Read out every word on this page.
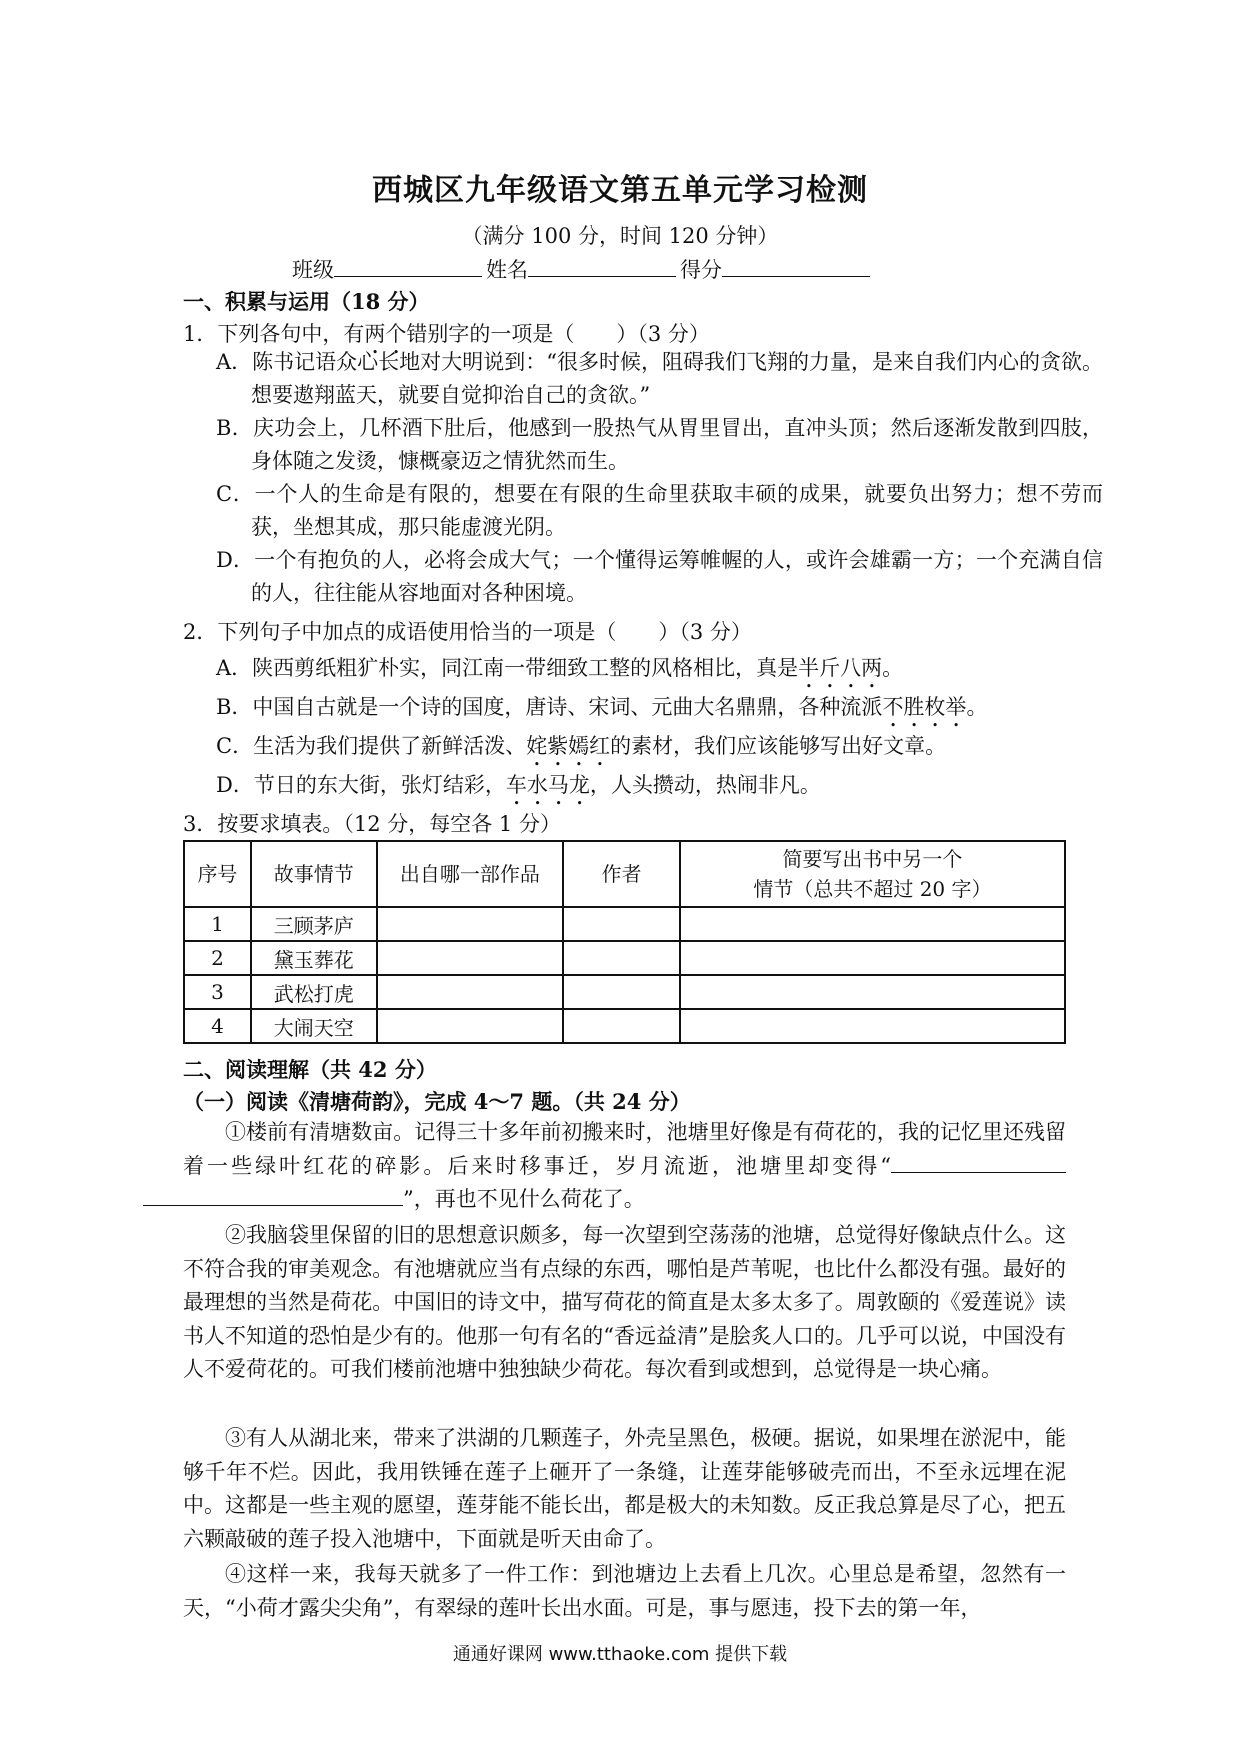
西城区九年级语文第五单元学习检测
（满分 100 分，时间 120 分钟）
班级	姓名	得分
一、积累与运用（18 分）
1．下列各句中，有两个错别字的一项是（　　）（3 分）
A．陈书记语众心长地对大明说到：“很多时候，阻碍我们飞翔的力量，是来自我们内心的贪欲。想要遨翔蓝天，就要自觉抑治自己的贪欲。”
B．庆功会上，几杯酒下肚后，他感到一股热气从胃里冒出，直冲头顶；然后逐渐发散到四肢，身体随之发烫，慷概豪迈之情犹然而生。
C．一个人的生命是有限的，想要在有限的生命里获取丰硕的成果，就要负出努力；想不劳而获，坐想其成，那只能虚渡光阴。
D．一个有抱负的人，必将会成大气；一个懂得运筹帷幄的人，或许会雄霸一方；一个充满自信的人，往往能从容地面对各种困境。
2．下列句子中加点的成语使用恰当的一项是（　　）（3 分）
A．陕西剪纸粗犷朴实，同江南一带细致工整的风格相比，真是半斤八两。
B．中国自古就是一个诗的国度，唐诗、宋词、元曲大名鼎鼎，各种流派不胜枚举。
C．生活为我们提供了新鲜活泼、姹紫嫣红的素材，我们应该能够写出好文章。
D．节日的东大街，张灯结彩，车水马龙，人头攒动，热闹非凡。
3．按要求填表。（12 分，每空各 1 分）
序号	故事情节	出自哪一部作品	作者	简要写出书中另一个
情节（总共不超过 20 字）

1	三顾茅庐			
2	黛玉葬花			
3	武松打虎			
4	大闹天空			
二、阅读理解（共 42 分）
（一）阅读《清塘荷韵》，完成 4～7 题。（共 24 分）
①楼前有清塘数亩。记得三十多年前初搬来时，池塘里好像是有荷花的，我的记忆里还残留着一些绿叶红花的碎影。后来时移事迁，岁月流逝，池塘里却变得“”，再也不见什么荷花了。
②我脑袋里保留的旧的思想意识颇多，每一次望到空荡荡的池塘，总觉得好像缺点什么。这不符合我的审美观念。有池塘就应当有点绿的东西，哪怕是芦苇呢，也比什么都没有强。最好的最理想的当然是荷花。中国旧的诗文中，描写荷花的简直是太多太多了。周敦颐的《爱莲说》读书人不知道的恐怕是少有的。他那一句有名的“香远益清”是脍炙人口的。几乎可以说，中国没有人不爱荷花的。可我们楼前池塘中独独缺少荷花。每次看到或想到，总觉得是一块心痛。
③有人从湖北来，带来了洪湖的几颗莲子，外壳呈黑色，极硬。据说，如果埋在淤泥中，能够千年不烂。因此，我用铁锤在莲子上砸开了一条缝，让莲芽能够破壳而出，不至永远埋在泥中。这都是一些主观的愿望，莲芽能不能长出，都是极大的未知数。反正我总算是尽了心，把五六颗敲破的莲子投入池塘中，下面就是听天由命了。
④这样一来，我每天就多了一件工作：到池塘边上去看上几次。心里总是希望，忽然有一天，“小荷才露尖尖角”，有翠绿的莲叶长出水面。可是，事与愿违，投下去的第一年，
通通好课网 www.tthaoke.com 提供下载
